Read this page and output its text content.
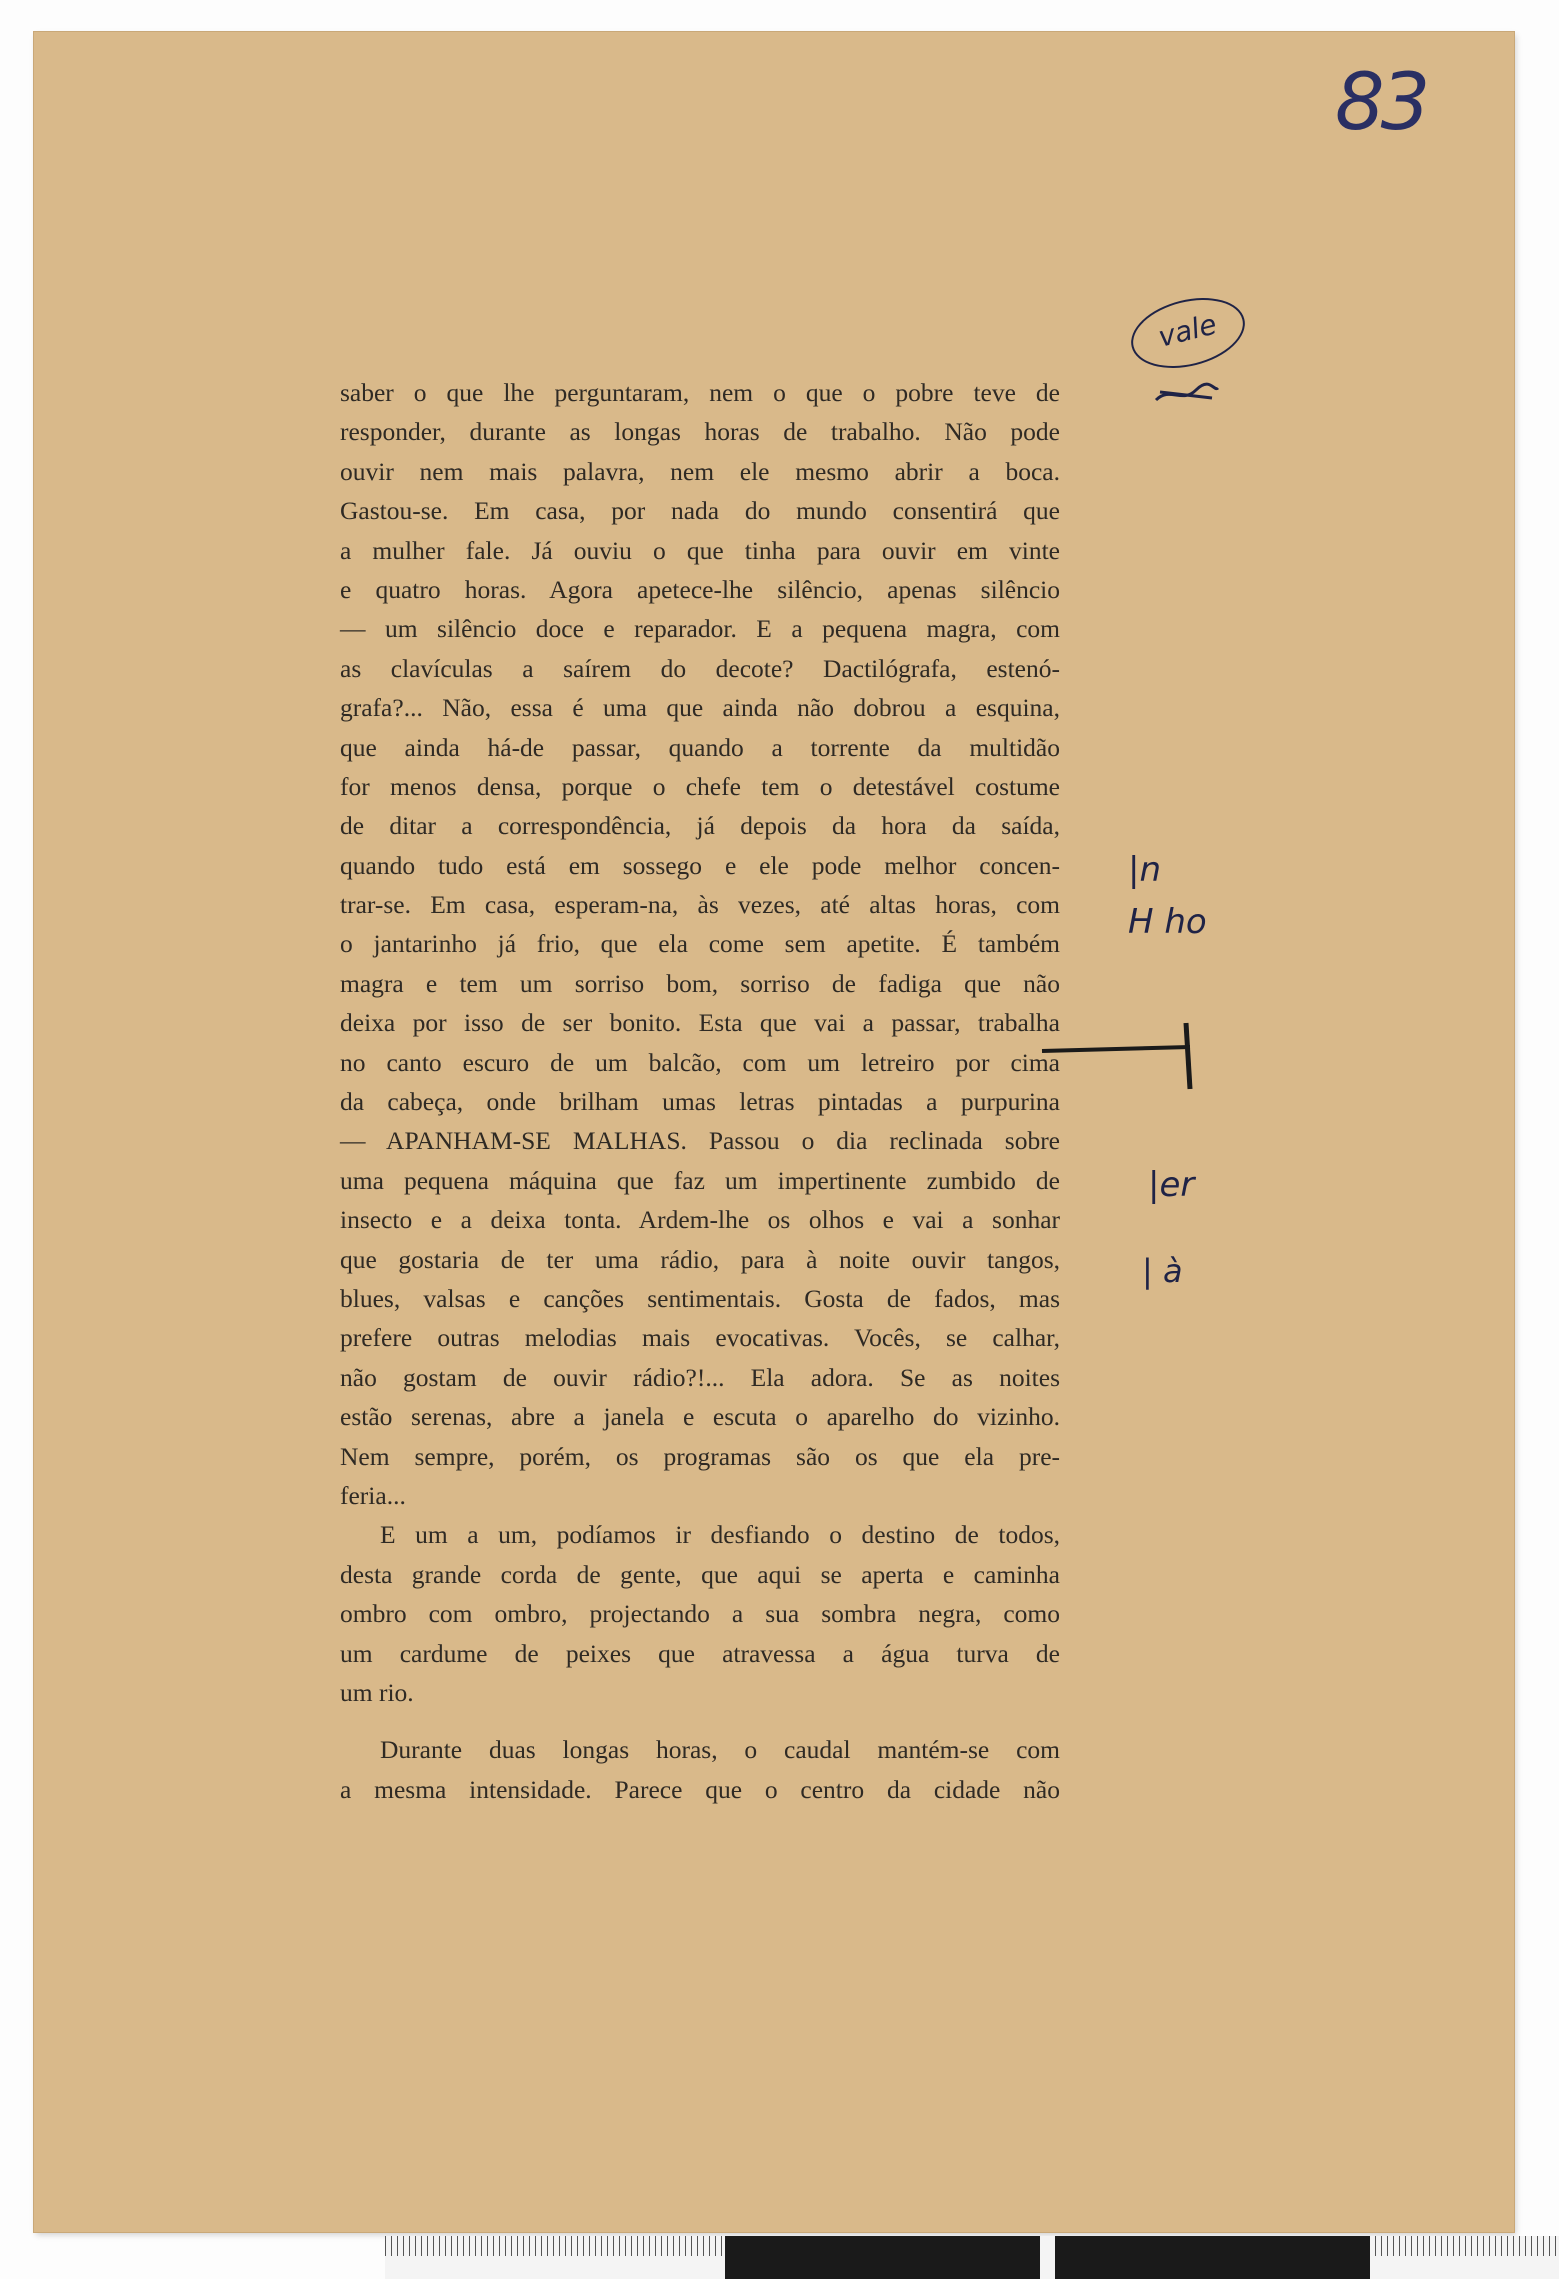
83
vale
|n
H ho
|er
| à
saber o que lhe perguntaram, nem o que o pobre teve de
responder, durante as longas horas de trabalho. Não pode
ouvir nem mais palavra, nem ele mesmo abrir a boca.
Gastou-se. Em casa, por nada do mundo consentirá que
a mulher fale. Já ouviu o que tinha para ouvir em vinte
e quatro horas. Agora apetece-lhe silêncio, apenas silêncio
— um silêncio doce e reparador. E a pequena magra, com
as clavículas a saírem do decote? Dactilógrafa, estenó-
grafa?... Não, essa é uma que ainda não dobrou a esquina,
que ainda há-de passar, quando a torrente da multidão
for menos densa, porque o chefe tem o detestável costume
de ditar a correspondência, já depois da hora da saída,
quando tudo está em sossego e ele pode melhor concen-
trar-se. Em casa, esperam-na, às vezes, até altas horas, com
o jantarinho já frio, que ela come sem apetite. É também
magra e tem um sorriso bom, sorriso de fadiga que não
deixa por isso de ser bonito. Esta que vai a passar, trabalha
no canto escuro de um balcão, com um letreiro por cima
da cabeça, onde brilham umas letras pintadas a purpurina
— APANHAM-SE MALHAS. Passou o dia reclinada sobre
uma pequena máquina que faz um impertinente zumbido de
insecto e a deixa tonta. Ardem-lhe os olhos e vai a sonhar
que gostaria de ter uma rádio, para à noite ouvir tangos,
blues, valsas e canções sentimentais. Gosta de fados, mas
prefere outras melodias mais evocativas. Vocês, se calhar,
não gostam de ouvir rádio?!... Ela adora. Se as noites
estão serenas, abre a janela e escuta o aparelho do vizinho.
Nem sempre, porém, os programas são os que ela pre-
feria...
E um a um, podíamos ir desfiando o destino de todos,
desta grande corda de gente, que aqui se aperta e caminha
ombro com ombro, projectando a sua sombra negra, como
um cardume de peixes que atravessa a água turva de
um rio.
Durante duas longas horas, o caudal mantém-se com
a mesma intensidade. Parece que o centro da cidade não
